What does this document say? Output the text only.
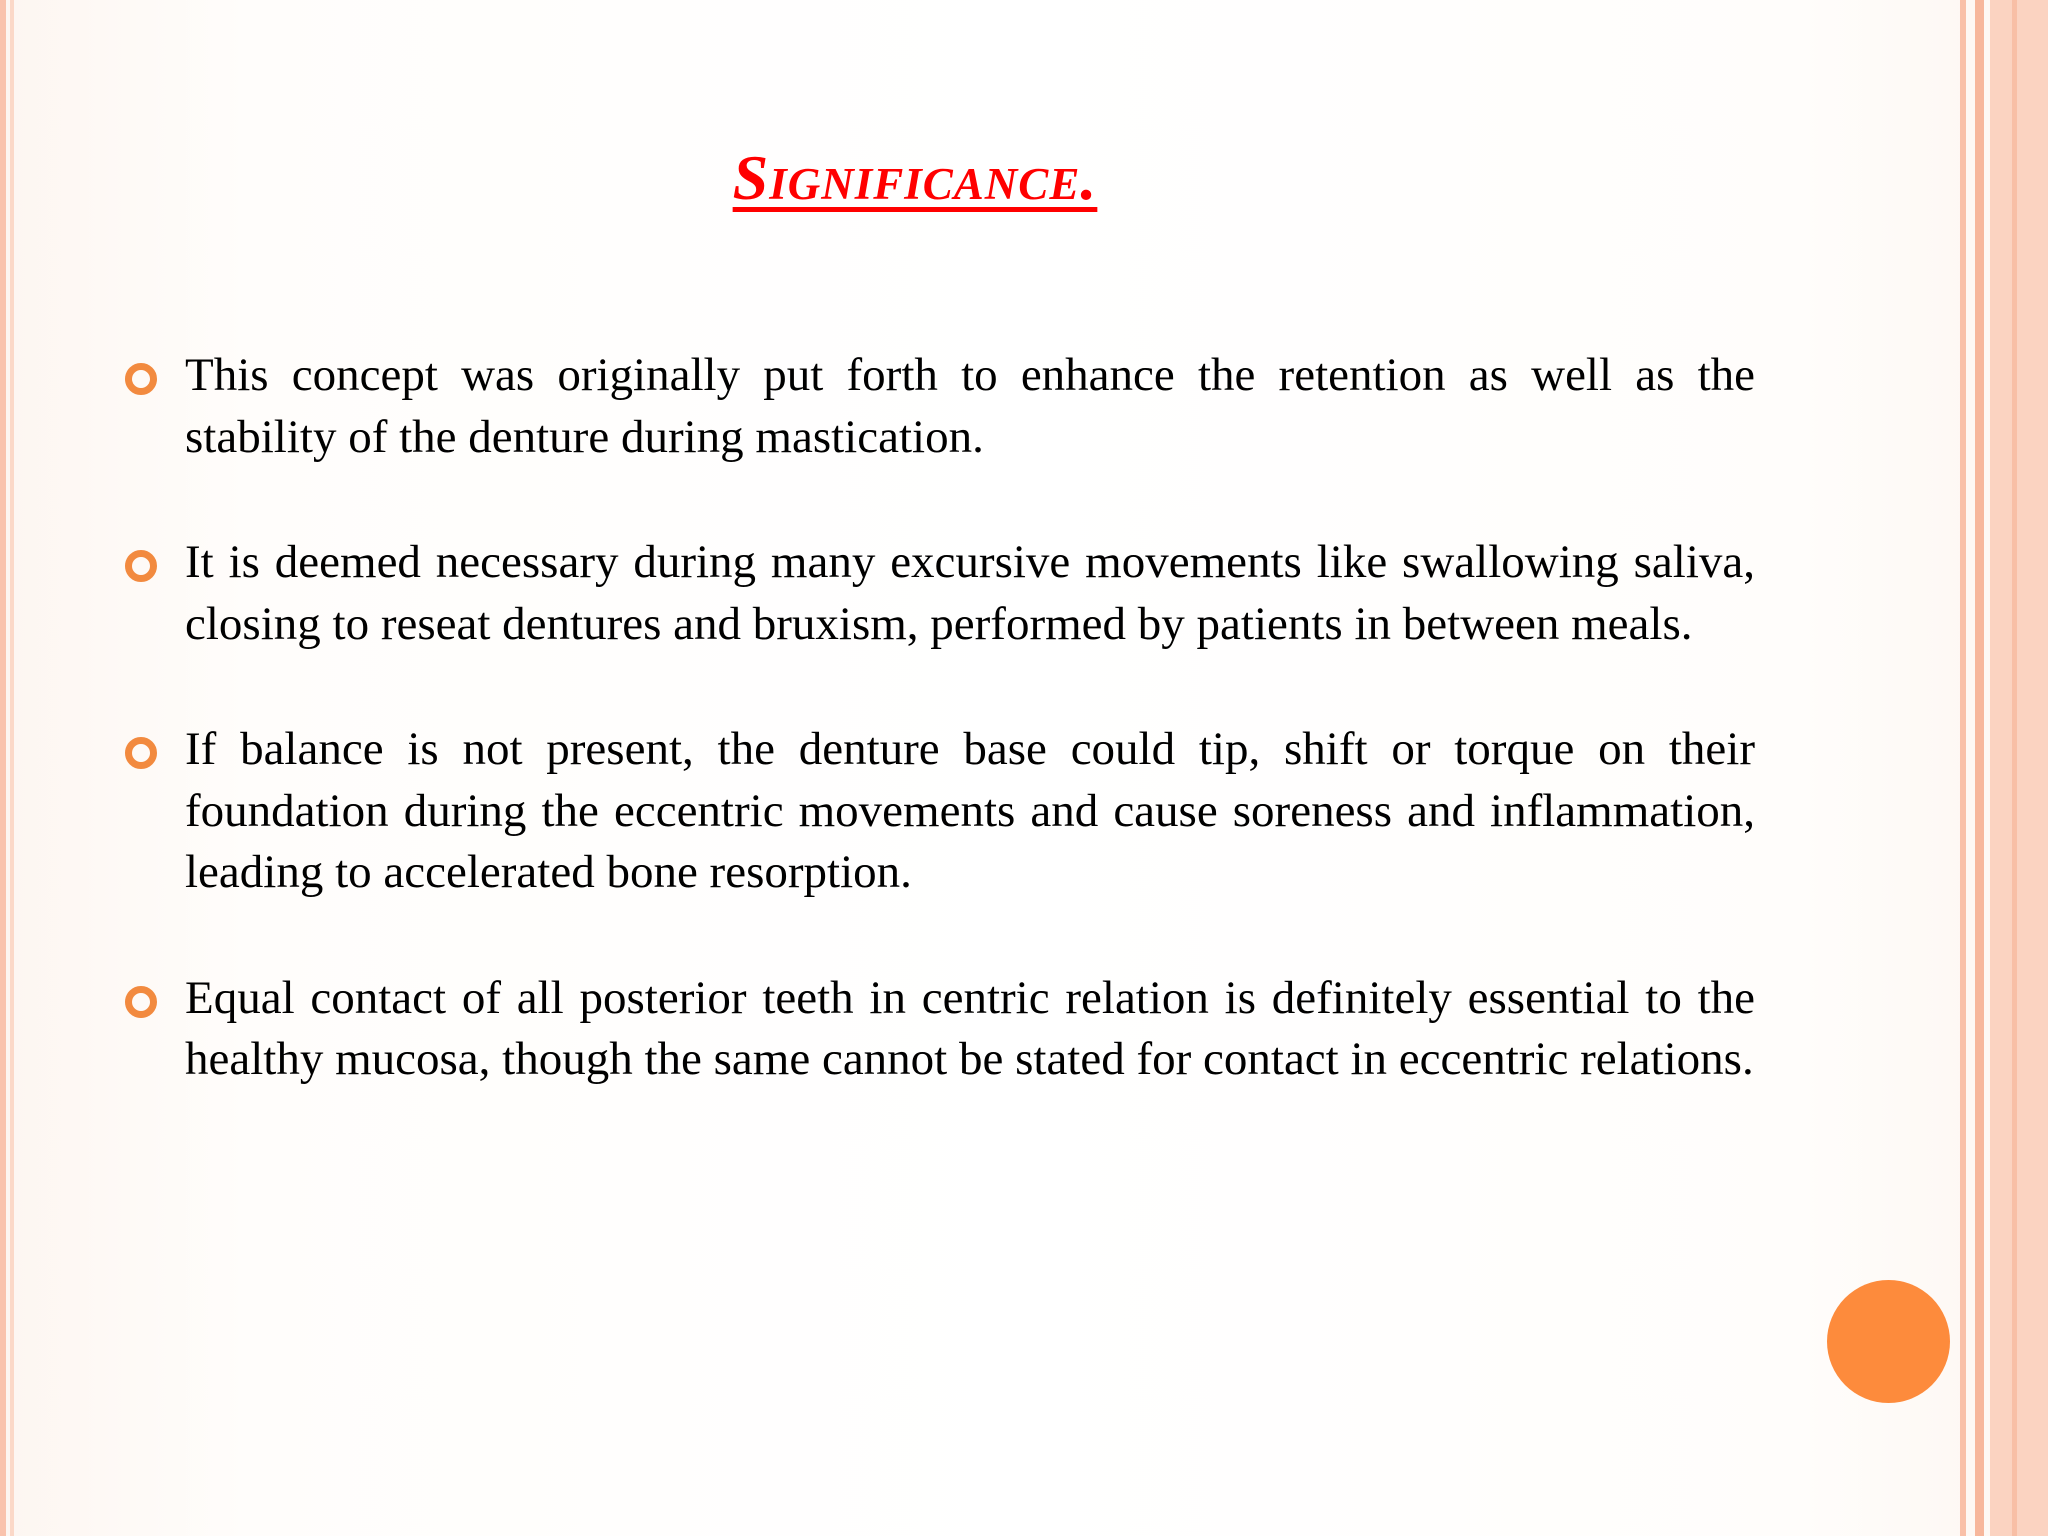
Significance.
This concept was originally put forth to enhance the retention as well as the stability of the denture during mastication.
It is deemed necessary during many excursive movements like swallowing saliva, closing to reseat dentures and bruxism, performed by patients in between meals.
If balance is not present, the denture base could tip, shift or torque on their foundation during the eccentric movements and cause soreness and inflammation, leading to accelerated bone resorption.
Equal contact of all posterior teeth in centric relation is definitely essential to the healthy mucosa, though the same cannot be stated for contact in eccentric relations.
